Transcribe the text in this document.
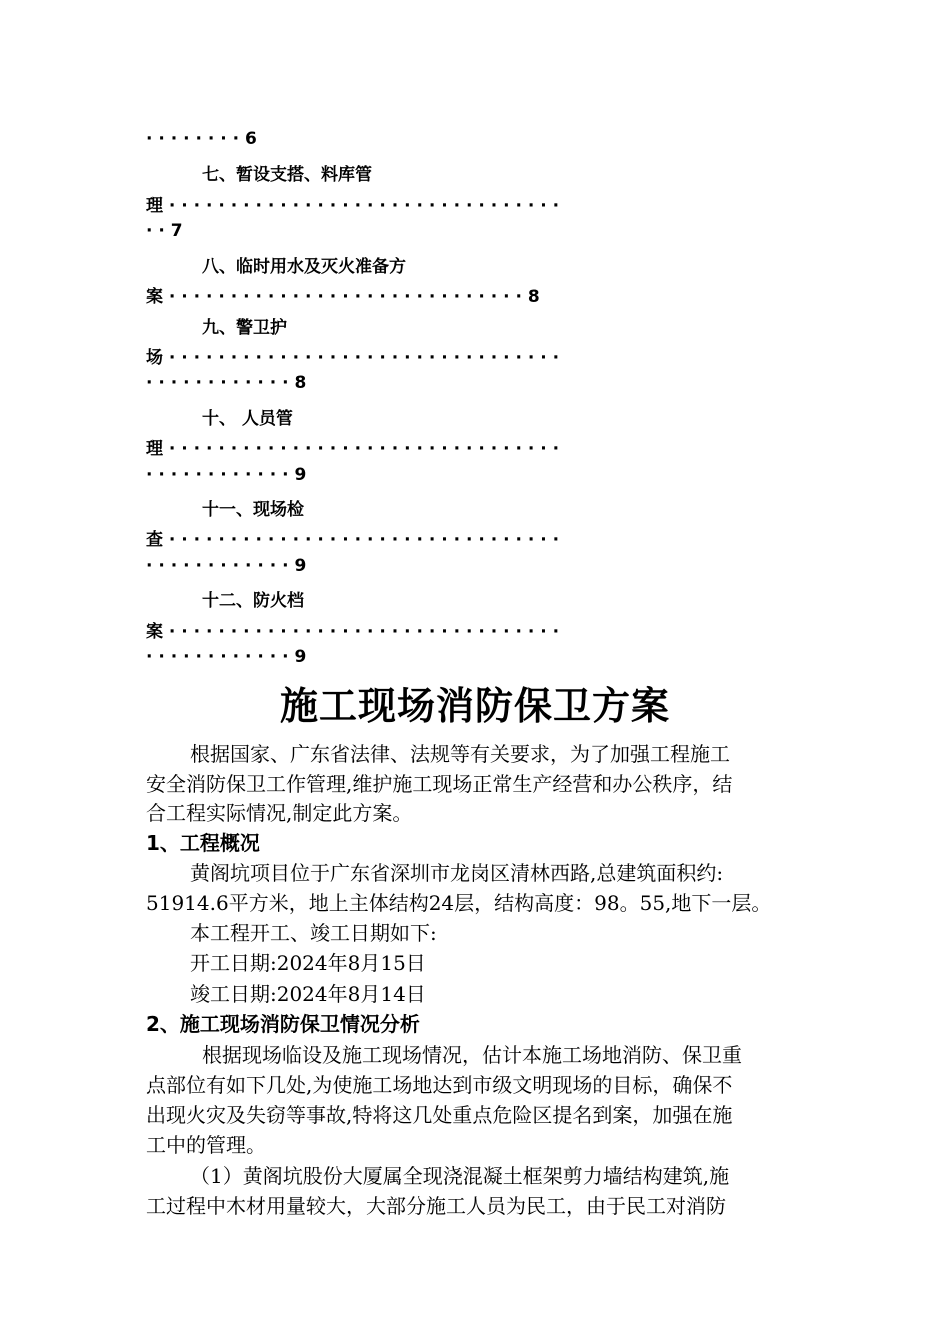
· · · · · · · · 6
七、暂设支搭、料库管
理 · · · · · · · · · · · · · · · · · · · · · · · · · · · · · · · ·
· · 7
八、临时用水及灭火准备方
案 · · · · · · · · · · · · · · · · · · · · · · · · · · · · · 8
九、警卫护
场 · · · · · · · · · · · · · · · · · · · · · · · · · · · · · · · ·
· · · · · · · · · · · · 8
十、 人员管
理 · · · · · · · · · · · · · · · · · · · · · · · · · · · · · · · ·
· · · · · · · · · · · · 9
十一、现场检
查 · · · · · · · · · · · · · · · · · · · · · · · · · · · · · · · ·
· · · · · · · · · · · · 9
十二、防火档
案 · · · · · · · · · · · · · · · · · · · · · · · · · · · · · · · ·
· · · · · · · · · · · · 9
施工现场消防保卫方案
根据国家、广东省法律、法规等有关要求，为了加强工程施工
安全消防保卫工作管理,维护施工现场正常生产经营和办公秩序，结
合工程实际情况,制定此方案。
1、工程概况
黄阁坑项目位于广东省深圳市龙岗区清林西路,总建筑面积约:
51914.6平方米，地上主体结构24层，结构高度：98。55,地下一层。
本工程开工、竣工日期如下:
开工日期:2024年8月15日
竣工日期:2024年8月14日
2、施工现场消防保卫情况分析
根据现场临设及施工现场情况，估计本施工场地消防、保卫重
点部位有如下几处,为使施工场地达到市级文明现场的目标，确保不
出现火灾及失窃等事故,特将这几处重点危险区提名到案，加强在施
工中的管理。
（1）黄阁坑股份大厦属全现浇混凝土框架剪力墙结构建筑,施
工过程中木材用量较大，大部分施工人员为民工，由于民工对消防
